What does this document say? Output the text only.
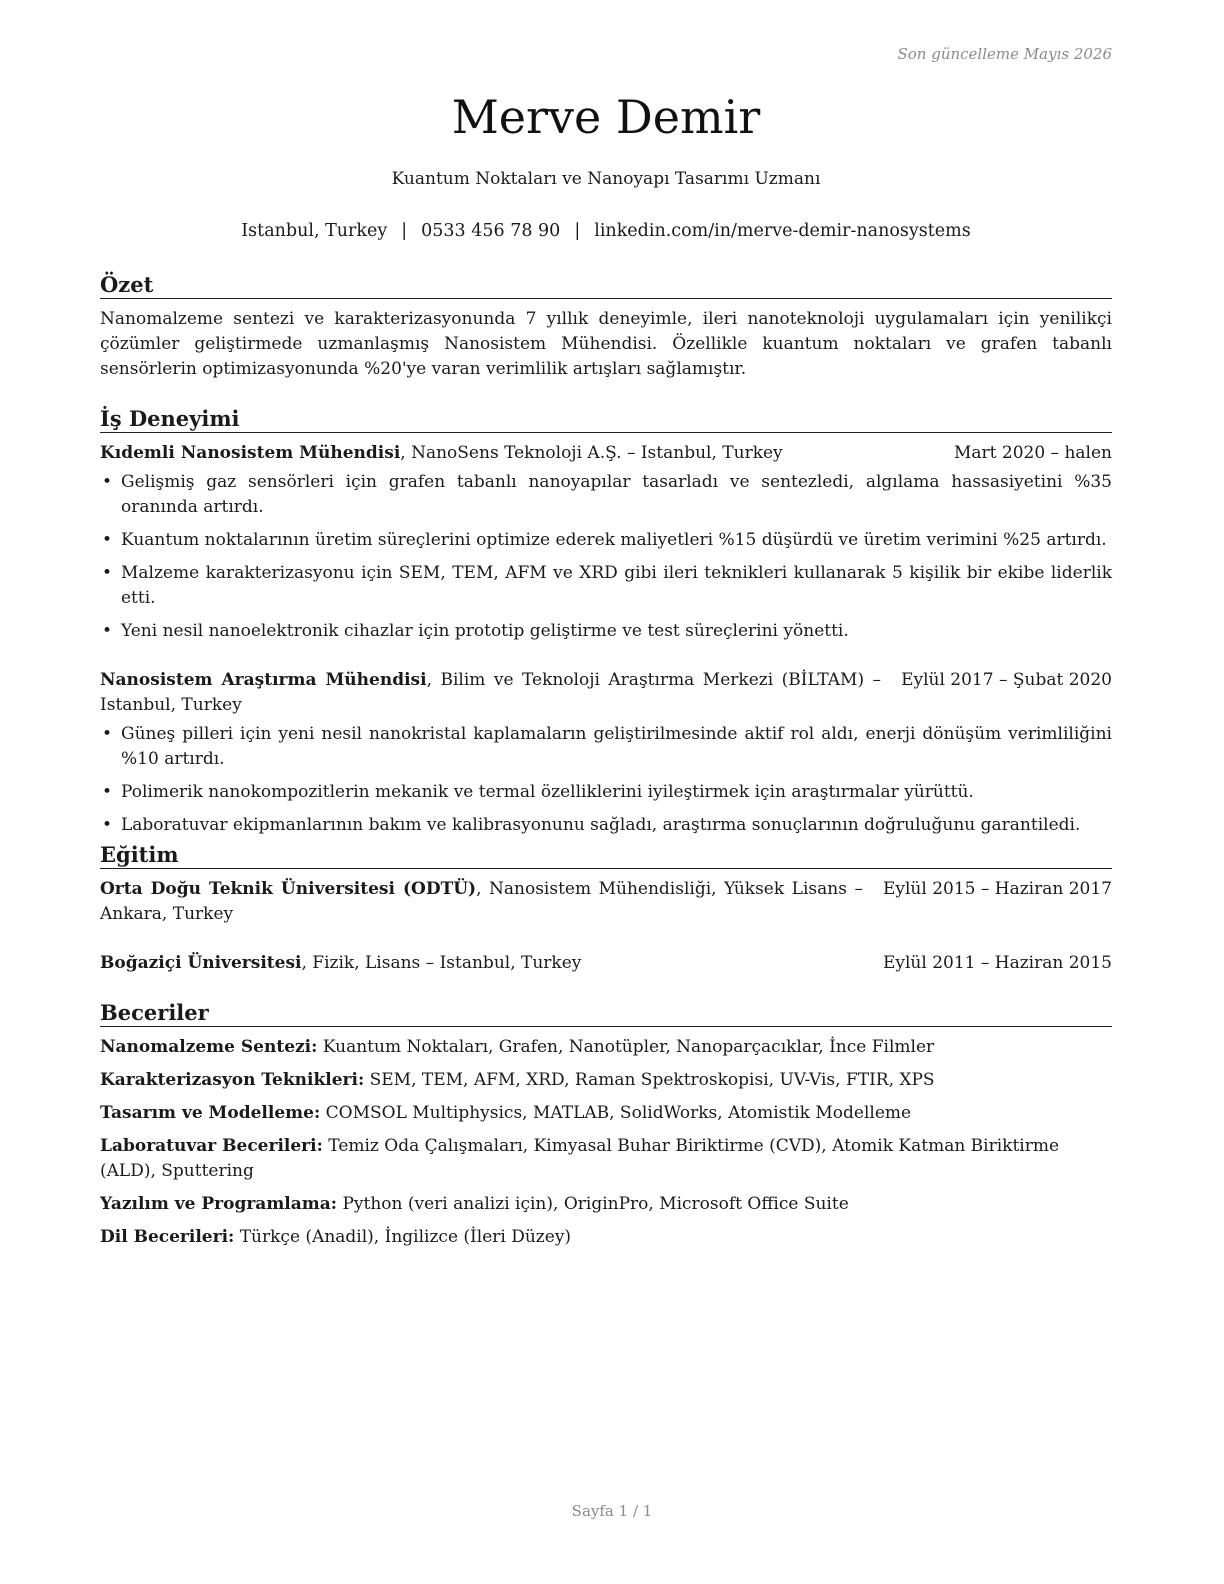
Son güncelleme Mayıs 2026
Merve Demir
Kuantum Noktaları ve Nanoyapı Tasarımı Uzmanı
Istanbul, Turkey | 0533 456 78 90 | linkedin.com/in/merve-demir-nanosystems
Özet

Nanomalzeme sentezi ve karakterizasyonunda 7 yıllık deneyimle, ileri nanoteknoloji uygulamaları için yenilikçi çözümler geliştirmede uzmanlaşmış Nanosistem Mühendisi. Özellikle kuantum noktaları ve grafen tabanlı sensörlerin optimizasyonunda %20'ye varan verimlilik artışları sağlamıştır.

İş Deneyimi
Kıdemli Nanosistem Mühendisi, NanoSens Teknoloji A.Ş. – Istanbul, Turkey	Mart 2020 – halen
• Gelişmiş gaz sensörleri için grafen tabanlı nanoyapılar tasarladı ve sentezledi, algılama hassasiyetini %35 oranında artırdı.
• Kuantum noktalarının üretim süreçlerini optimize ederek maliyetleri %15 düşürdü ve üretim verimini %25 artırdı.
• Malzeme karakterizasyonu için SEM, TEM, AFM ve XRD gibi ileri teknikleri kullanarak 5 kişilik bir ekibe liderlik etti.
• Yeni nesil nanoelektronik cihazlar için prototip geliştirme ve test süreçlerini yönetti.
Nanosistem Araştırma Mühendisi, Bilim ve Teknoloji Araştırma Merkezi (BİLTAM) – Istanbul, Turkey
Eylül 2017 – Şubat 2020
• Güneş pilleri için yeni nesil nanokristal kaplamaların geliştirilmesinde aktif rol aldı, enerji dönüşüm verimliliğini %10 artırdı.
• Polimerik nanokompozitlerin mekanik ve termal özelliklerini iyileştirmek için araştırmalar yürüttü.
• Laboratuvar ekipmanlarının bakım ve kalibrasyonunu sağladı, araştırma sonuçlarının doğruluğunu garantiledi.
Eğitim
Orta Doğu Teknik Üniversitesi (ODTÜ), Nanosistem Mühendisliği, Yüksek Lisans – Ankara, Turkey
Eylül 2015 – Haziran 2017
Boğaziçi Üniversitesi, Fizik, Lisans – Istanbul, Turkey	Eylül 2011 – Haziran 2015
Beceriler

Nanomalzeme Sentezi: Kuantum Noktaları, Grafen, Nanotüpler, Nanoparçacıklar, İnce Filmler

Karakterizasyon Teknikleri: SEM, TEM, AFM, XRD, Raman Spektroskopisi, UV-Vis, FTIR, XPS

Tasarım ve Modelleme: COMSOL Multiphysics, MATLAB, SolidWorks, Atomistik Modelleme

Laboratuvar Becerileri: Temiz Oda Çalışmaları, Kimyasal Buhar Biriktirme (CVD), Atomik Katman Biriktirme (ALD), Sputtering

Yazılım ve Programlama: Python (veri analizi için), OriginPro, Microsoft Office Suite

Dil Becerileri: Türkçe (Anadil), İngilizce (İleri Düzey)

Sayfa 1 / 1
